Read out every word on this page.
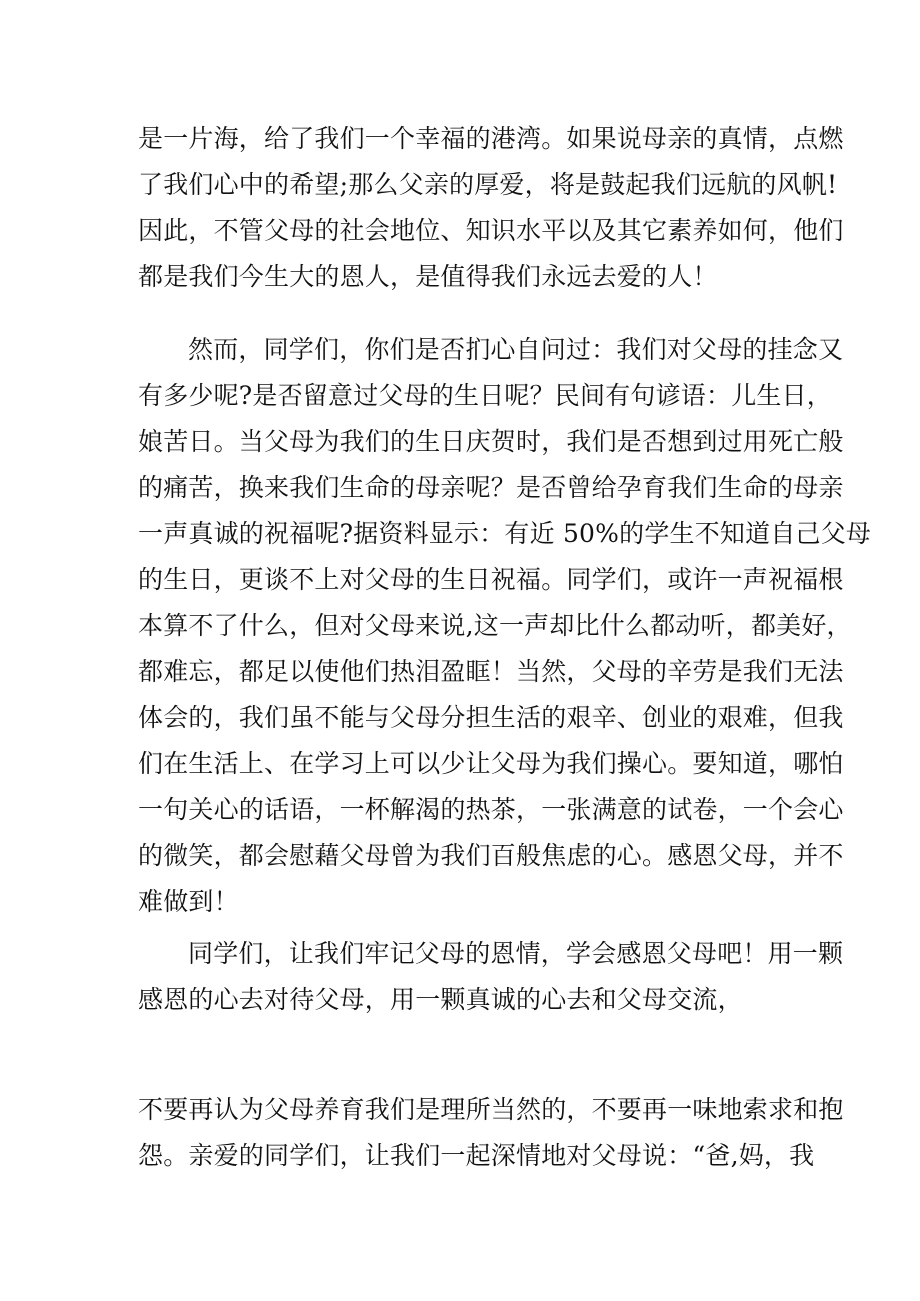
是一片海，给了我们一个幸福的港湾。如果说母亲的真情，点燃
了我们心中的希望;那么父亲的厚爱，将是鼓起我们远航的风帆!
因此，不管父母的社会地位、知识水平以及其它素养如何，他们
都是我们今生大的恩人，是值得我们永远去爱的人！

然而，同学们，你们是否扪心自问过：我们对父母的挂念又
有多少呢?是否留意过父母的生日呢？民间有句谚语：儿生日，
娘苦日。当父母为我们的生日庆贺时，我们是否想到过用死亡般
的痛苦，换来我们生命的母亲呢？是否曾给孕育我们生命的母亲
一声真诚的祝福呢?据资料显示：有近 50%的学生不知道自己父母
的生日，更谈不上对父母的生日祝福。同学们，或许一声祝福根
本算不了什么，但对父母来说,这一声却比什么都动听，都美好，
都难忘，都足以使他们热泪盈眶！当然，父母的辛劳是我们无法
体会的，我们虽不能与父母分担生活的艰辛、创业的艰难，但我
们在生活上、在学习上可以少让父母为我们操心。要知道，哪怕
一句关心的话语，一杯解渴的热茶，一张满意的试卷，一个会心
的微笑，都会慰藉父母曾为我们百般焦虑的心。感恩父母，并不
难做到！

同学们，让我们牢记父母的恩情，学会感恩父母吧！用一颗
感恩的心去对待父母，用一颗真诚的心去和父母交流，

不要再认为父母养育我们是理所当然的，不要再一味地索求和抱
怨。亲爱的同学们，让我们一起深情地对父母说：“爸,妈，我
